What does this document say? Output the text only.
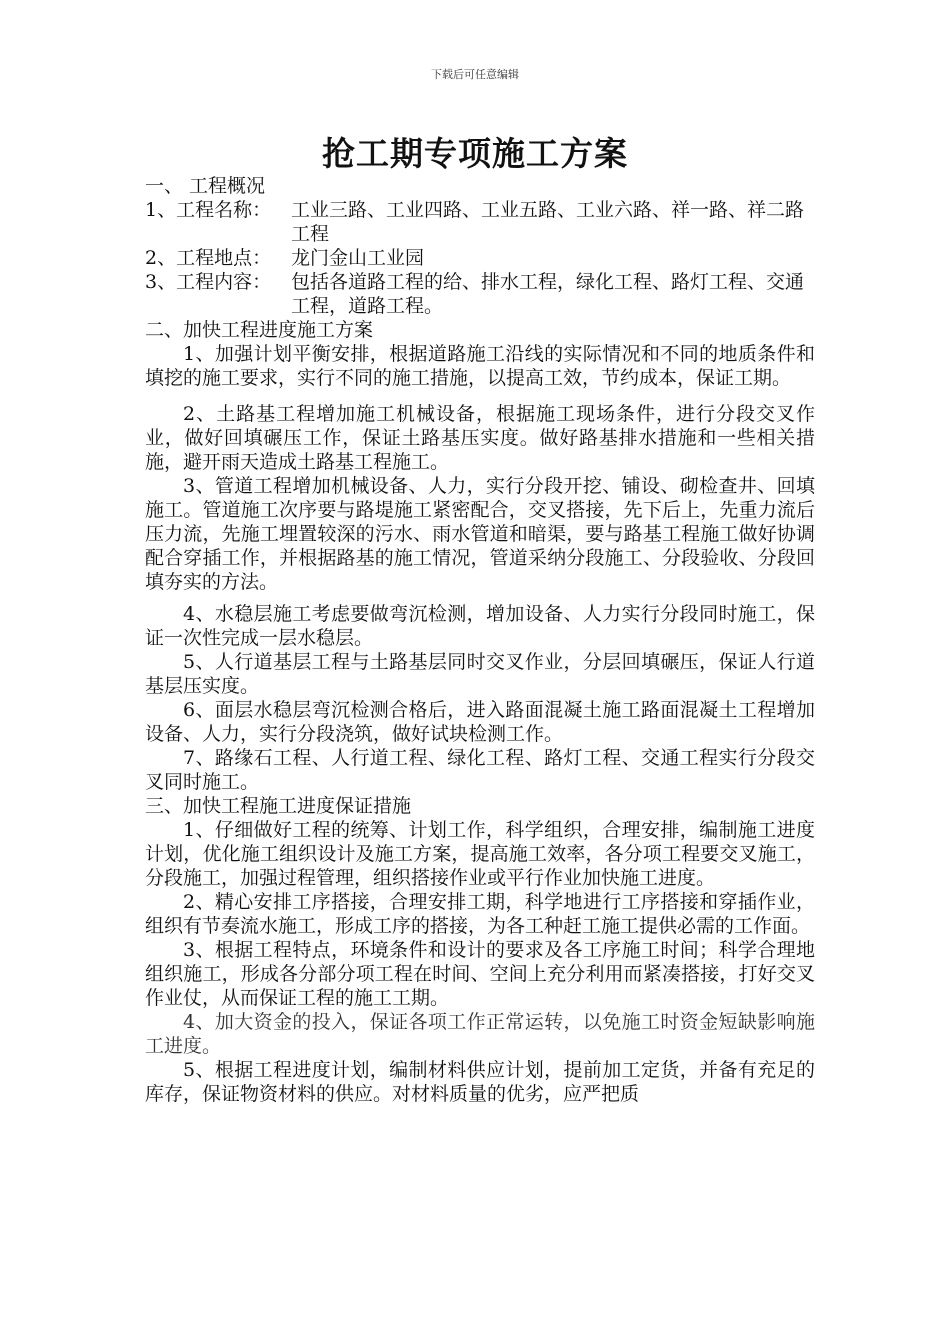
下载后可任意编辑
抢工期专项施工方案

一、 工程概况

1、工程名称：	工业三路、工业四路、工业五路、工业六路、祥一路、祥二路工程
2、工程地点：	龙门金山工业园
3、工程内容：	包括各道路工程的给、排水工程，绿化工程、路灯工程、交通工程，道路工程。

二、加快工程进度施工方案

1、加强计划平衡安排，根据道路施工沿线的实际情况和不同的地质条件和填挖的施工要求，实行不同的施工措施，以提高工效，节约成本，保证工期。

2、土路基工程增加施工机械设备，根据施工现场条件，进行分段交叉作业，做好回填碾压工作，保证土路基压实度。做好路基排水措施和一些相关措施，避开雨天造成土路基工程施工。

3、管道工程增加机械设备、人力，实行分段开挖、铺设、砌检查井、回填施工。管道施工次序要与路堤施工紧密配合，交叉搭接，先下后上，先重力流后压力流，先施工埋置较深的污水、雨水管道和暗渠，要与路基工程施工做好协调配合穿插工作，并根据路基的施工情况，管道采纳分段施工、分段验收、分段回填夯实的方法。

4、水稳层施工考虑要做弯沉检测，增加设备、人力实行分段同时施工，保证一次性完成一层水稳层。

5、人行道基层工程与土路基层同时交叉作业，分层回填碾压，保证人行道基层压实度。

6、面层水稳层弯沉检测合格后，进入路面混凝土施工路面混凝土工程增加设备、人力，实行分段浇筑，做好试块检测工作。

7、路缘石工程、人行道工程、绿化工程、路灯工程、交通工程实行分段交叉同时施工。

三、加快工程施工进度保证措施

1、仔细做好工程的统筹、计划工作，科学组织，合理安排，编制施工进度计划，优化施工组织设计及施工方案，提高施工效率，各分项工程要交叉施工，分段施工，加强过程管理，组织搭接作业或平行作业加快施工进度。

2、精心安排工序搭接，合理安排工期，科学地进行工序搭接和穿插作业，组织有节奏流水施工，形成工序的搭接，为各工种赶工施工提供必需的工作面。

3、根据工程特点，环境条件和设计的要求及各工序施工时间；科学合理地组织施工，形成各分部分项工程在时间、空间上充分利用而紧凑搭接，打好交叉作业仗，从而保证工程的施工工期。

4、加大资金的投入，保证各项工作正常运转，以免施工时资金短缺影响施工进度。

5、根据工程进度计划，编制材料供应计划，提前加工定货，并备有充足的库存，保证物资材料的供应。对材料质量的优劣，应严把质
